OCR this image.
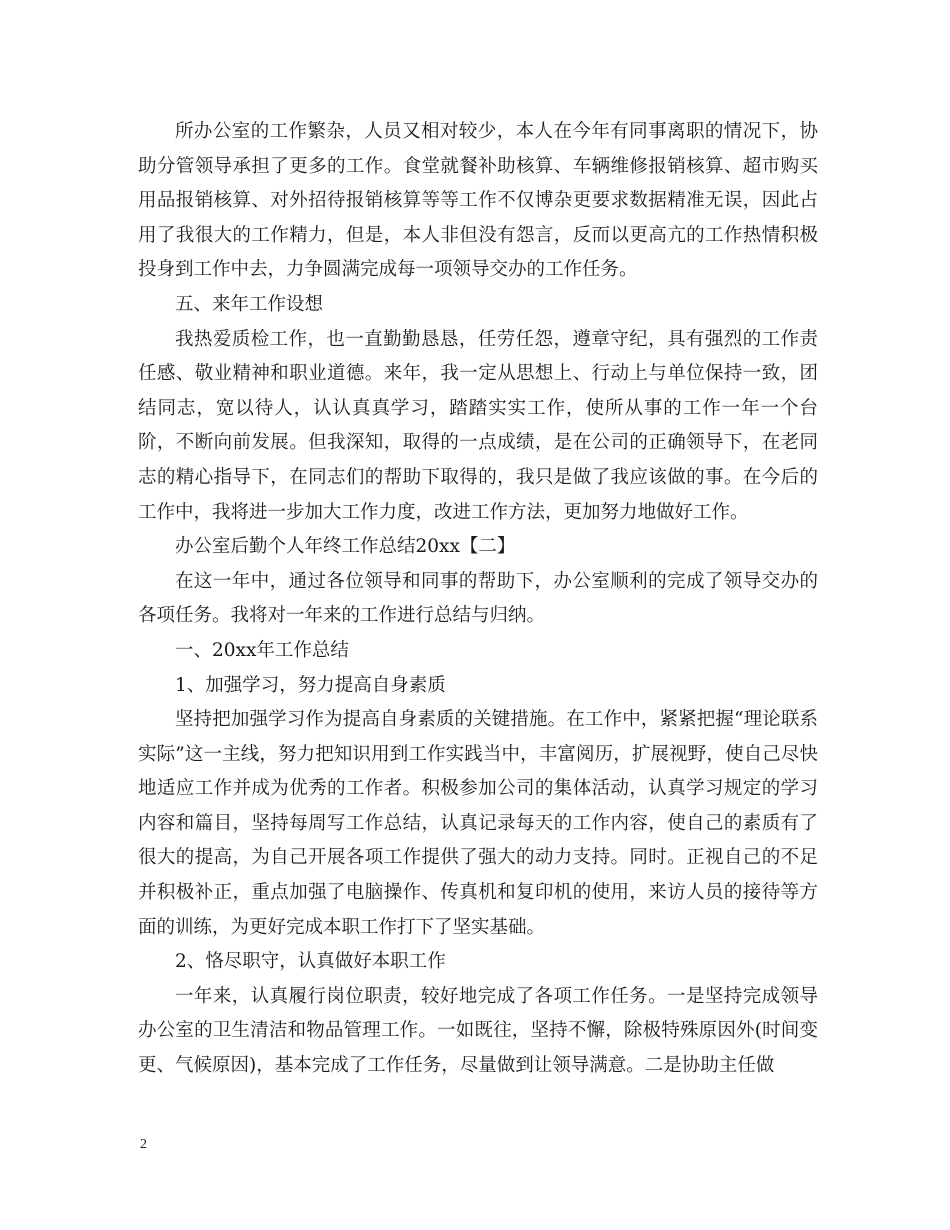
所办公室的工作繁杂，人员又相对较少，本人在今年有同事离职的情况下，协助分管领导承担了更多的工作。食堂就餐补助核算、车辆维修报销核算、超市购买用品报销核算、对外招待报销核算等等工作不仅博杂更要求数据精准无误，因此占用了我很大的工作精力，但是，本人非但没有怨言，反而以更高亢的工作热情积极投身到工作中去，力争圆满完成每一项领导交办的工作任务。

五、来年工作设想

我热爱质检工作，也一直勤勤恳恳，任劳任怨，遵章守纪，具有强烈的工作责任感、敬业精神和职业道德。来年，我一定从思想上、行动上与单位保持一致，团结同志，宽以待人，认认真真学习，踏踏实实工作，使所从事的工作一年一个台阶，不断向前发展。但我深知，取得的一点成绩，是在公司的正确领导下，在老同志的精心指导下，在同志们的帮助下取得的，我只是做了我应该做的事。在今后的工作中，我将进一步加大工作力度，改进工作方法，更加努力地做好工作。

办公室后勤个人年终工作总结20xx【二】

在这一年中，通过各位领导和同事的帮助下，办公室顺利的完成了领导交办的各项任务。我将对一年来的工作进行总结与归纳。

一、20xx年工作总结

1、加强学习，努力提高自身素质

坚持把加强学习作为提高自身素质的关键措施。在工作中，紧紧把握“理论联系实际”这一主线，努力把知识用到工作实践当中，丰富阅历，扩展视野，使自己尽快地适应工作并成为优秀的工作者。积极参加公司的集体活动，认真学习规定的学习内容和篇目，坚持每周写工作总结，认真记录每天的工作内容，使自己的素质有了很大的提高，为自己开展各项工作提供了强大的动力支持。同时。正视自己的不足并积极补正，重点加强了电脑操作、传真机和复印机的使用，来访人员的接待等方面的训练，为更好完成本职工作打下了坚实基础。

2、恪尽职守，认真做好本职工作

一年来，认真履行岗位职责，较好地完成了各项工作任务。一是坚持完成领导办公室的卫生清洁和物品管理工作。一如既往，坚持不懈，除极特殊原因外(时间变更、气候原因)，基本完成了工作任务，尽量做到让领导满意。二是协助主任做

2
